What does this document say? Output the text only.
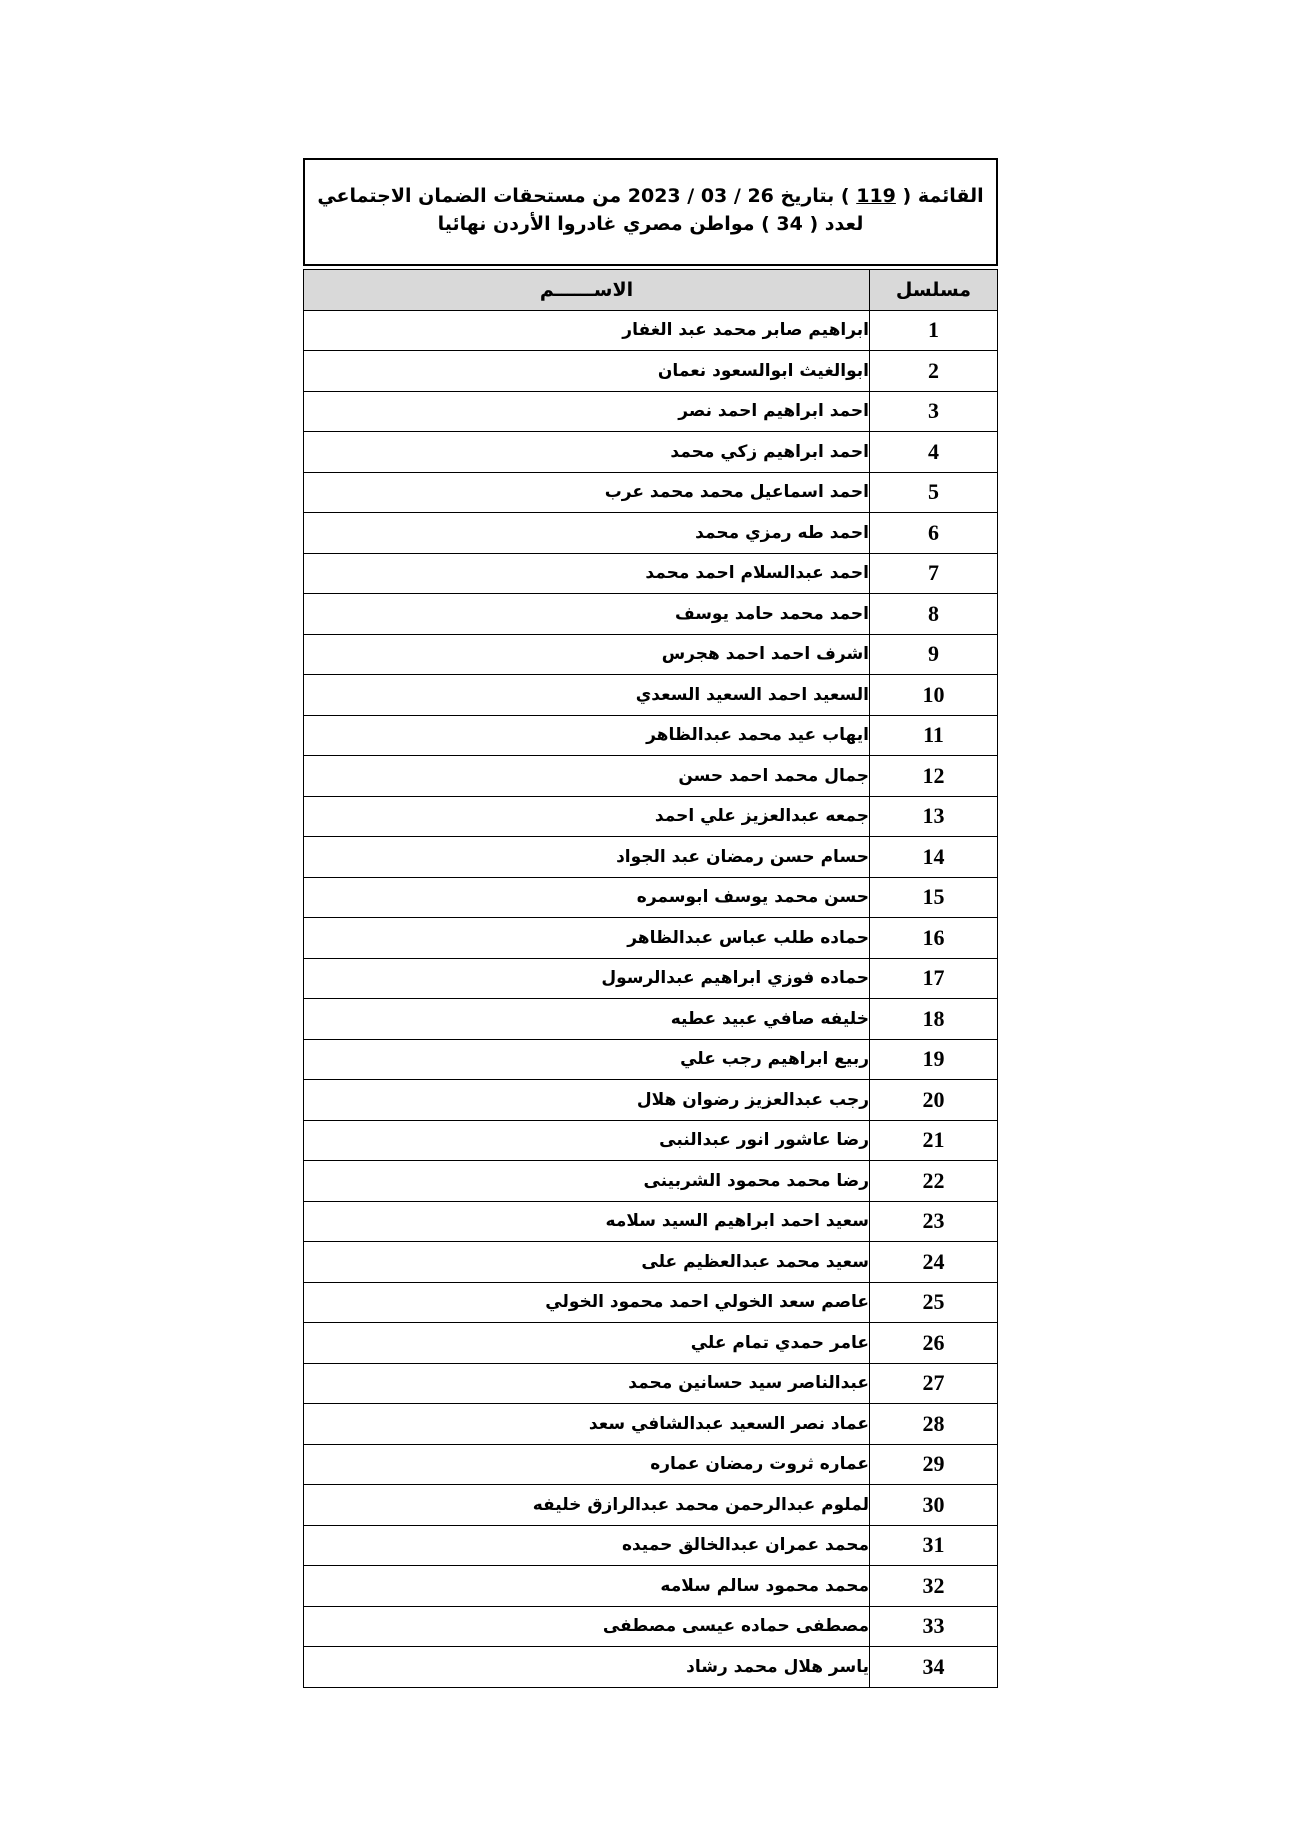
القائمة ( 119 ) بتاريخ 26 / 03 / 2023 من مستحقات الضمان الاجتماعي
لعدد ( 34 ) مواطن مصري غادروا الأردن نهائيا
مسلسل	الاســــــم
1	ابراهيم صابر محمد عبد الغفار
2	ابوالغيث ابوالسعود نعمان
3	احمد ابراهيم احمد نصر
4	احمد ابراهيم زكي محمد
5	احمد اسماعيل محمد محمد عرب
6	احمد طه رمزي محمد
7	احمد عبدالسلام احمد محمد
8	احمد محمد حامد يوسف
9	اشرف احمد احمد هجرس
10	السعيد احمد السعيد السعدي
11	ايهاب عيد محمد عبدالظاهر
12	جمال محمد احمد حسن
13	جمعه عبدالعزيز علي احمد
14	حسام حسن رمضان عبد الجواد
15	حسن محمد يوسف ابوسمره
16	حماده طلب عباس عبدالظاهر
17	حماده فوزي ابراهيم عبدالرسول
18	خليفه صافي عبيد عطيه
19	ربيع ابراهيم رجب علي
20	رجب عبدالعزيز رضوان هلال
21	رضا عاشور انور عبدالنبى
22	رضا محمد محمود الشربينى
23	سعيد احمد ابراهيم السيد سلامه
24	سعيد محمد عبدالعظيم على
25	عاصم سعد الخولي احمد محمود الخولي
26	عامر حمدي تمام علي
27	عبدالناصر سيد حسانين محمد
28	عماد نصر السعيد عبدالشافي سعد
29	عماره ثروت رمضان عماره
30	لملوم عبدالرحمن محمد عبدالرازق خليفه
31	محمد عمران عبدالخالق حميده
32	محمد محمود سالم سلامه
33	مصطفى حماده عيسى مصطفى
34	ياسر هلال محمد رشاد
